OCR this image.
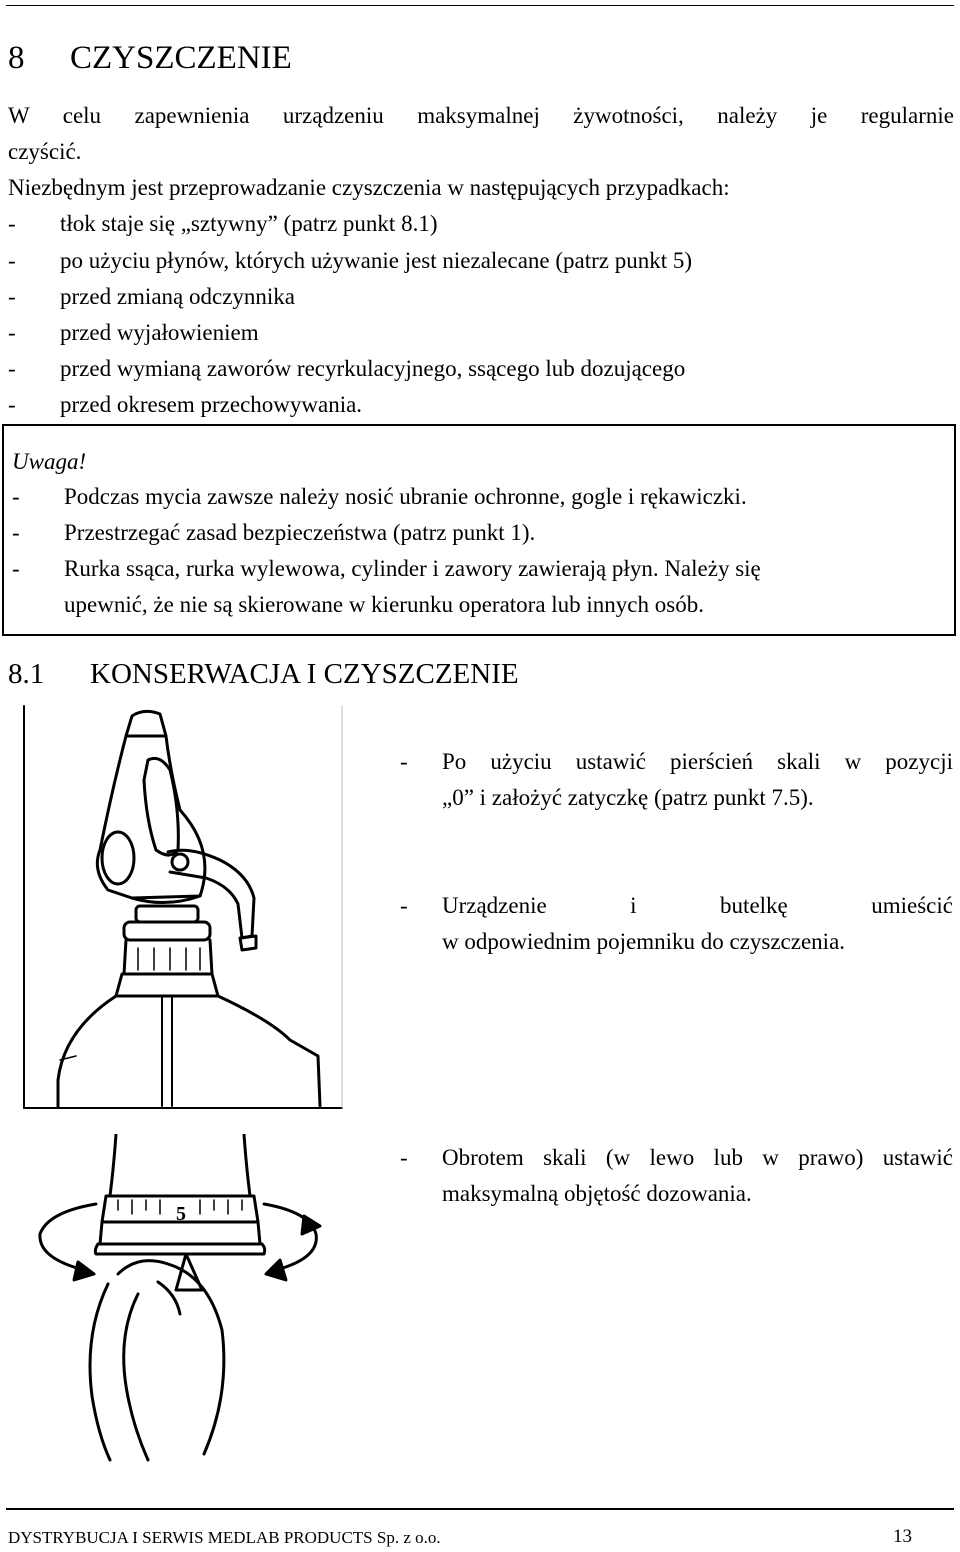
8 CZYSZCZENIE
W celu zapewnienia urządzeniu maksymalnej żywotności, należy je regularnie
czyścić.
Niezbędnym jest przeprowadzanie czyszczenia w następujących przypadkach:
- tłok staje się „sztywny” (patrz punkt 8.1)
- po użyciu płynów, których używanie jest niezalecane (patrz punkt 5)
- przed zmianą odczynnika
- przed wyjałowieniem
- przed wymianą zaworów recyrkulacyjnego, ssącego lub dozującego
- przed okresem przechowywania.
Uwaga!
- Podczas mycia zawsze należy nosić ubranie ochronne, gogle i rękawiczki.
- Przestrzegać zasad bezpieczeństwa (patrz punkt 1).
- Rurka ssąca, rurka wylewowa, cylinder i zawory zawierają płyn. Należy się
upewnić, że nie są skierowane w kierunku operatora lub innych osób.
8.1 KONSERWACJA I CZYSZCZENIE
- Po użyciu ustawić pierścień skali w pozycji
„0” i założyć zatyczkę (patrz punkt 7.5).
- Urządzenie i butelkę umieścić
w odpowiednim pojemniku do czyszczenia.
5
- Obrotem skali (w lewo lub w prawo) ustawić
maksymalną objętość dozowania.
DYSTRYBUCJA I SERWIS MEDLAB PRODUCTS Sp. z o.o.	13
